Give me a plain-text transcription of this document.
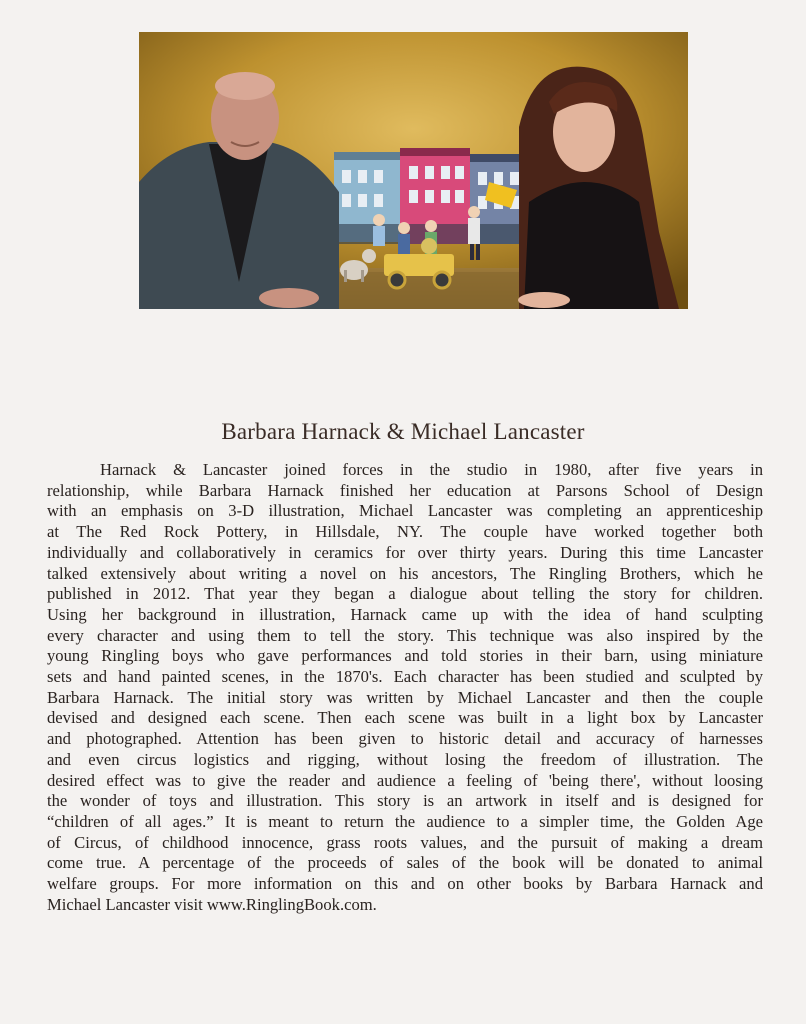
Barbara Harnack & Michael Lancaster
Harnack & Lancaster joined forces in the studio in 1980, after five years in
relationship, while Barbara Harnack finished her education at Parsons School of Design
with an emphasis on 3-D illustration, Michael Lancaster was completing an apprenticeship
at The Red Rock Pottery, in Hillsdale, NY. The couple have worked together both
individually and collaboratively in ceramics for over thirty years. During this time Lancaster
talked extensively about writing a novel on his ancestors, The Ringling Brothers, which he
published in 2012. That year they began a dialogue about telling the story for children.
Using her background in illustration, Harnack came up with the idea of hand sculpting
every character and using them to tell the story. This technique was also inspired by the
young Ringling boys who gave performances and told stories in their barn, using miniature
sets and hand painted scenes, in the 1870's. Each character has been studied and sculpted by
Barbara Harnack. The initial story was written by Michael Lancaster and then the couple
devised and designed each scene. Then each scene was built in a light box by Lancaster
and photographed. Attention has been given to historic detail and accuracy of harnesses
and even circus logistics and rigging, without losing the freedom of illustration. The
desired effect was to give the reader and audience a feeling of 'being there', without loosing
the wonder of toys and illustration. This story is an artwork in itself and is designed for
“children of all ages.” It is meant to return the audience to a simpler time, the Golden Age
of Circus, of childhood innocence, grass roots values, and the pursuit of making a dream
come true. A percentage of the proceeds of sales of the book will be donated to animal
welfare groups. For more information on this and on other books by Barbara Harnack and
Michael Lancaster visit www.RinglingBook.com.
